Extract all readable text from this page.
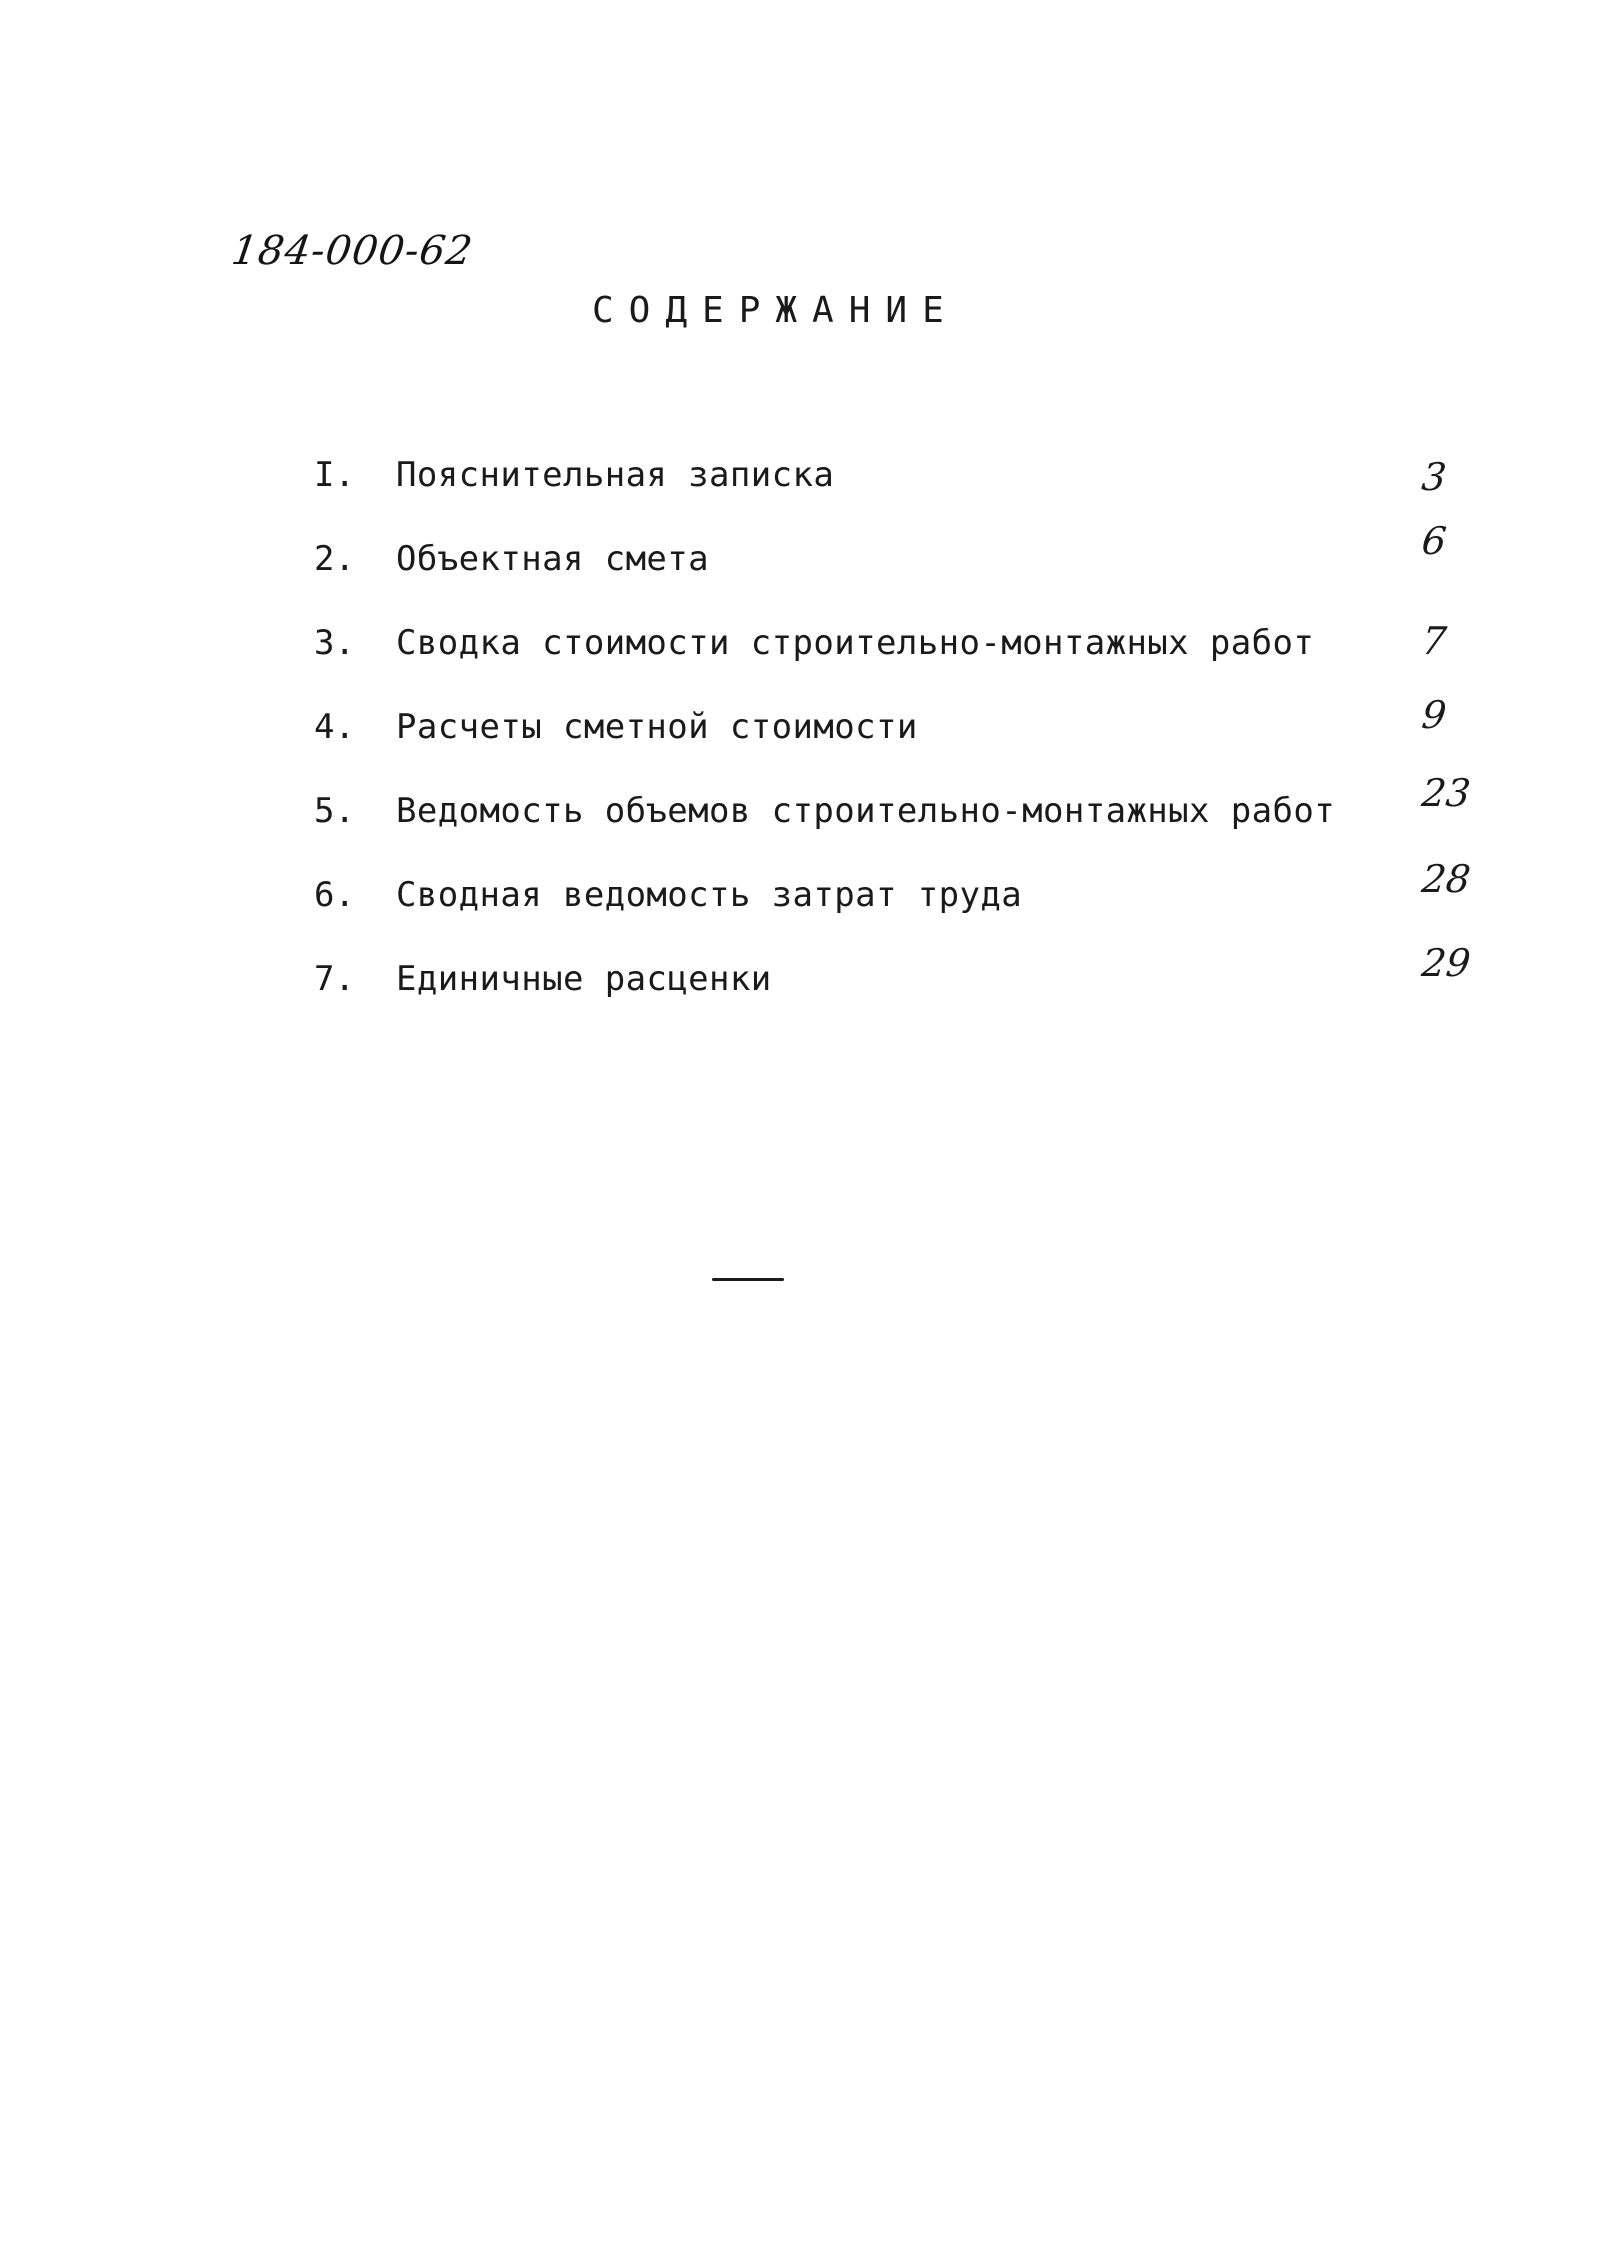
184-000-62
СОДЕРЖАНИЕ
I. Пояснительная записка	3
2. Объектная смета	6
3. Сводка стоимости строительно-монтажных работ	7
4. Расчеты сметной стоимости	9
5. Ведомость объемов строительно-монтажных работ 23
6. Сводная ведомость затрат труда	28
7. Единичные расценки	29
